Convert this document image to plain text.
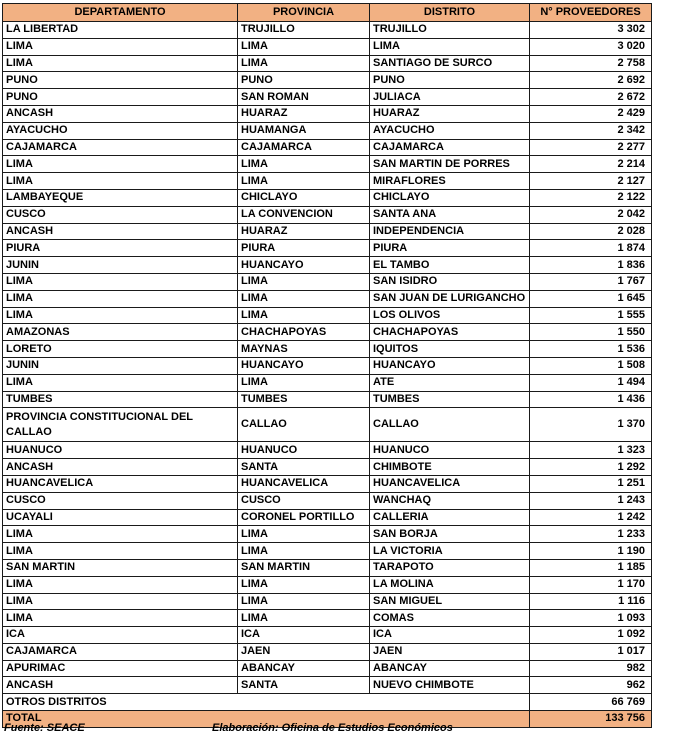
DEPARTAMENTO	PROVINCIA	DISTRITO	N° PROVEEDORES
LA LIBERTAD	TRUJILLO	TRUJILLO	3 302
LIMA	LIMA	LIMA	3 020
LIMA	LIMA	SANTIAGO DE SURCO	2 758
PUNO	PUNO	PUNO	2 692
PUNO	SAN ROMAN	JULIACA	2 672
ANCASH	HUARAZ	HUARAZ	2 429
AYACUCHO	HUAMANGA	AYACUCHO	2 342
CAJAMARCA	CAJAMARCA	CAJAMARCA	2 277
LIMA	LIMA	SAN MARTIN DE PORRES	2 214
LIMA	LIMA	MIRAFLORES	2 127
LAMBAYEQUE	CHICLAYO	CHICLAYO	2 122
CUSCO	LA CONVENCION	SANTA ANA	2 042
ANCASH	HUARAZ	INDEPENDENCIA	2 028
PIURA	PIURA	PIURA	1 874
JUNIN	HUANCAYO	EL TAMBO	1 836
LIMA	LIMA	SAN ISIDRO	1 767
LIMA	LIMA	SAN JUAN DE LURIGANCHO	1 645
LIMA	LIMA	LOS OLIVOS	1 555
AMAZONAS	CHACHAPOYAS	CHACHAPOYAS	1 550
LORETO	MAYNAS	IQUITOS	1 536
JUNIN	HUANCAYO	HUANCAYO	1 508
LIMA	LIMA	ATE	1 494
TUMBES	TUMBES	TUMBES	1 436
PROVINCIA CONSTITUCIONAL DEL CALLAO	CALLAO	CALLAO	1 370
HUANUCO	HUANUCO	HUANUCO	1 323
ANCASH	SANTA	CHIMBOTE	1 292
HUANCAVELICA	HUANCAVELICA	HUANCAVELICA	1 251
CUSCO	CUSCO	WANCHAQ	1 243
UCAYALI	CORONEL PORTILLO	CALLERIA	1 242
LIMA	LIMA	SAN BORJA	1 233
LIMA	LIMA	LA VICTORIA	1 190
SAN MARTIN	SAN MARTIN	TARAPOTO	1 185
LIMA	LIMA	LA MOLINA	1 170
LIMA	LIMA	SAN MIGUEL	1 116
LIMA	LIMA	COMAS	1 093
ICA	ICA	ICA	1 092
CAJAMARCA	JAEN	JAEN	1 017
APURIMAC	ABANCAY	ABANCAY	982
ANCASH	SANTA	NUEVO CHIMBOTE	962
OTROS DISTRITOS			66 769
TOTAL			133 756
Fuente: SEACE	Elaboración: Oficina de Estudios Económicos
